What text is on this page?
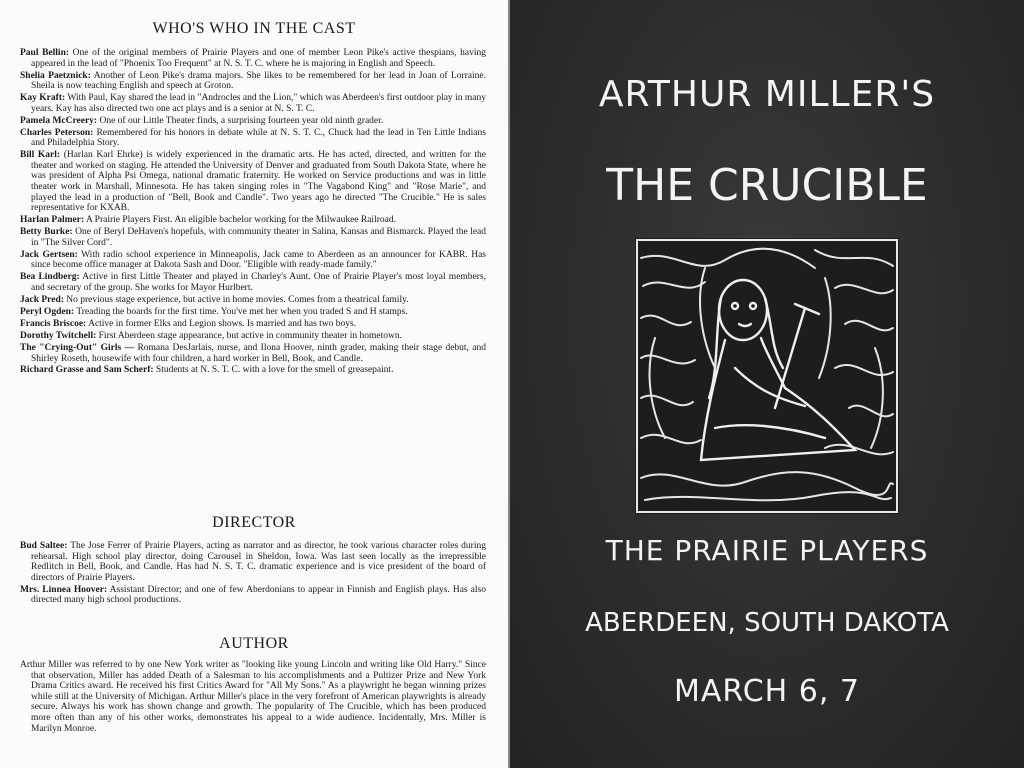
WHO'S WHO IN THE CAST

Paul Bellin: One of the original members of Prairie Players and one of member Leon Pike's active thespians, having appeared in the lead of "Phoenix Too Frequent" at N. S. T. C. where he is majoring in English and Speech.

Shelia Paetznick: Another of Leon Pike's drama majors. She likes to be remembered for her lead in Joan of Lorraine. Sheila is now teaching English and speech at Groton.

Kay Kraft: With Paul, Kay shared the lead in "Androcles and the Lion," which was Aberdeen's first outdoor play in many years. Kay has also directed two one act plays and is a senior at N. S. T. C.

Pamela McCreery: One of our Little Theater finds, a surprising fourteen year old ninth grader.

Charles Peterson: Remembered for his honors in debate while at N. S. T. C., Chuck had the lead in Ten Little Indians and Philadelphia Story.

Bill Karl: (Harlan Karl Ehrke) is widely experienced in the dramatic arts. He has acted, directed, and written for the theater and worked on staging. He attended the University of Denver and graduated from South Dakota State, where he was president of Alpha Psi Omega, national dramatic fraternity. He worked on Service productions and was in little theater work in Marshall, Minnesota. He has taken singing roles in "The Vagabond King" and "Rose Marie", and played the lead in a production of "Bell, Book and Candle". Two years ago he directed "The Crucible." He is sales representative for KXAB.

Harlan Palmer: A Prairie Players First. An eligible bachelor working for the Milwaukee Railroad.

Betty Burke: One of Beryl DeHaven's hopefuls, with community theater in Salina, Kansas and Bismarck. Played the lead in "The Silver Cord".

Jack Gertsen: With radio school experience in Minneapolis, Jack came to Aberdeen as an announcer for KABR. Has since become office manager at Dakota Sash and Door. "Eligible with ready-made family."

Bea Lindberg: Active in first Little Theater and played in Charley's Aunt. One of Prairie Player's most loyal members, and secretary of the group. She works for Mayor Hurlbert.

Jack Pred: No previous stage experience, but active in home movies. Comes from a theatrical family.

Peryl Ogden: Treading the boards for the first time. You've met her when you traded S and H stamps.

Francis Briscoe: Active in former Elks and Legion shows. Is married and has two boys.

Dorothy Twitchell: First Aberdeen stage appearance, but active in community theater in hometown.

The "Crying-Out" Girls — Romana DesJarlais, nurse, and Ilona Hoover, ninth grader, making their stage debut, and Shirley Roseth, housewife with four children, a hard worker in Bell, Book, and Candle.

Richard Grasse and Sam Scherf: Students at N. S. T. C. with a love for the smell of greasepaint.

DIRECTOR

Bud Saltee: The Jose Ferrer of Prairie Players, acting as narrator and as director, he took various character roles during rehearsal. High school play director, doing Carousel in Sheldon, Iowa. Was last seen locally as the irrepressible Redlitch in Bell, Book, and Candle. Has had N. S. T. C. dramatic experience and is vice president of the board of directors of Prairie Players.

Mrs. Linnea Hoover: Assistant Director; and one of few Aberdonians to appear in Finnish and English plays. Has also directed many high school productions.

AUTHOR

Arthur Miller was referred to by one New York writer as "looking like young Lincoln and writing like Old Harry." Since that observation, Miller has added Death of a Salesman to his accomplishments and a Pultizer Prize and New York Drama Critics award. He received his first Critics Award for "All My Sons." As a playwright he began winning prizes while still at the University of Michigan. Arthur Miller's place in the very forefront of American playwrights is already secure. Always his work has shown change and growth. The popularity of The Crucible, which has been produced more often than any of his other works, demonstrates his appeal to a wide audience. Incidentally, Mrs. Miller is Marilyn Monroe.

ARTHUR MILLER'S
THE CRUCIBLE
THE PRAIRIE PLAYERS
ABERDEEN, SOUTH DAKOTA
MARCH 6, 7
